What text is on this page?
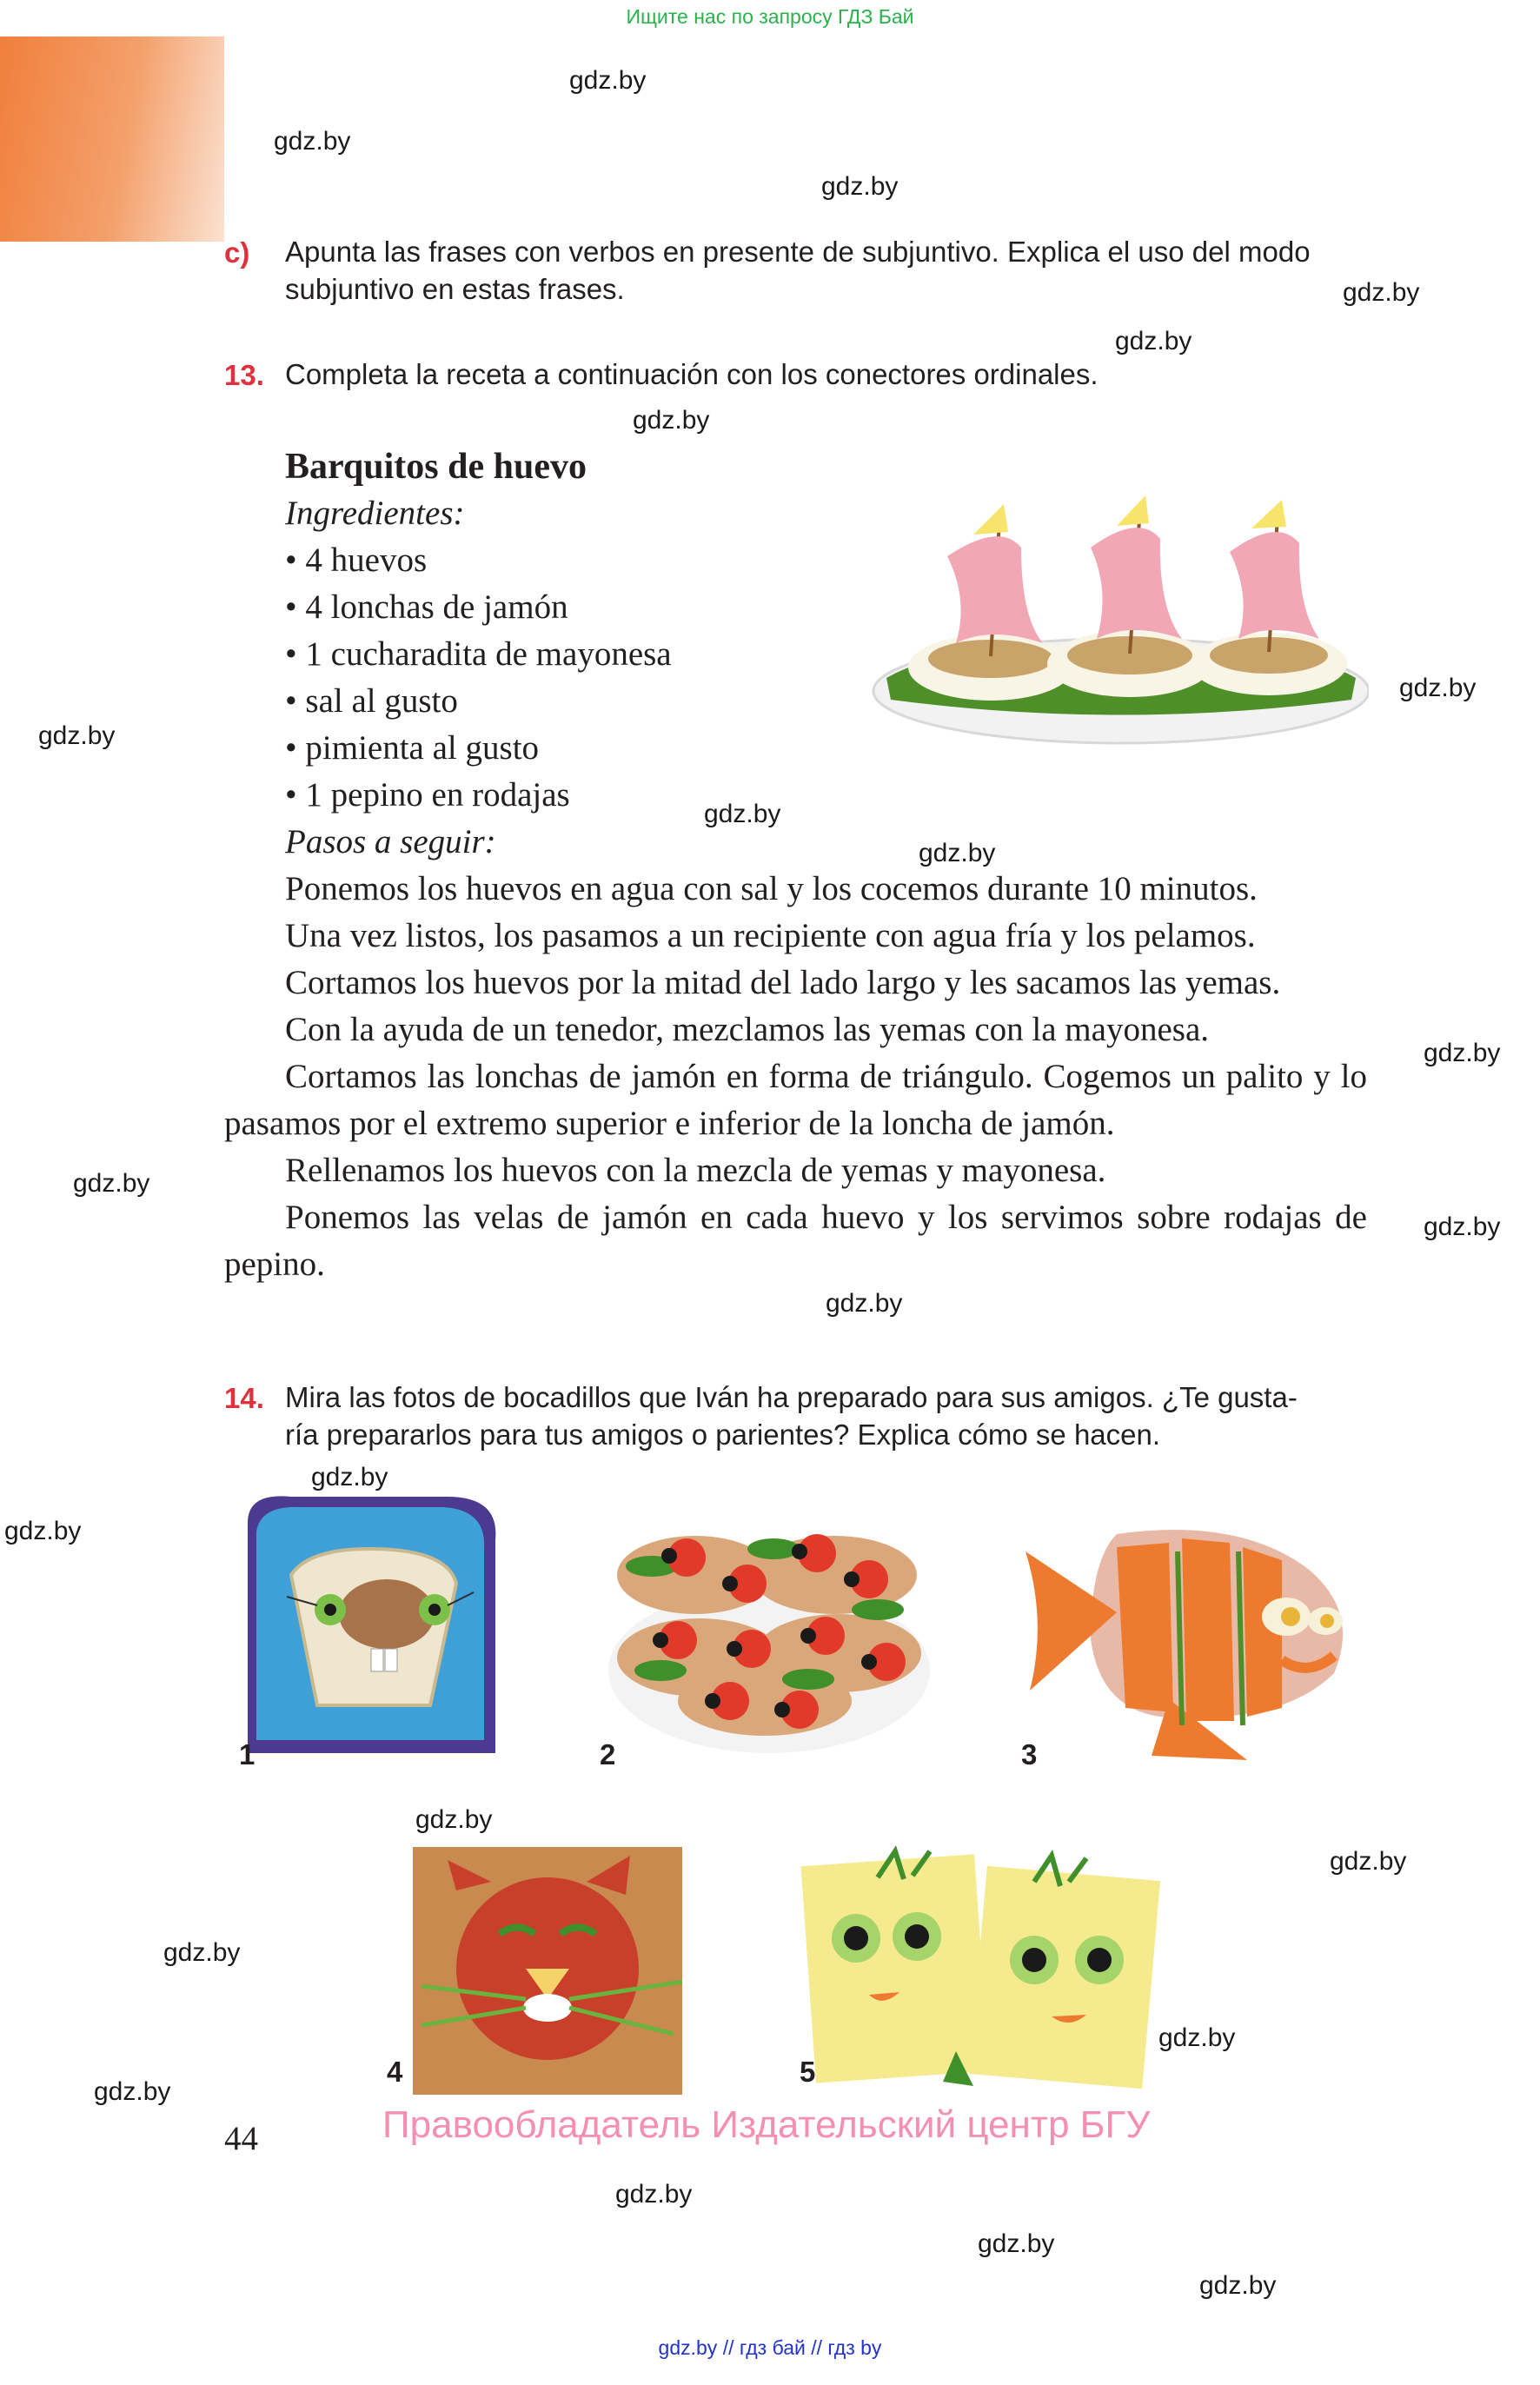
Ищите нас по запросу ГДЗ Бай
gdz.by
gdz.by
gdz.by
gdz.by
gdz.by
gdz.by
gdz.by
gdz.by
gdz.by
gdz.by
gdz.by
gdz.by
gdz.by
gdz.by
gdz.by
gdz.by
gdz.by
gdz.by
gdz.by
gdz.by
gdz.by
gdz.by
gdz.by
gdz.by
c) Apunta las frases con verbos en presente de subjuntivo. Explica el uso del modo
subjuntivo en estas frases.
13. Completa la receta a continuación con los conectores ordinales.
Barquitos de huevo
Ingredientes:
• 4 huevos
• 4 lonchas de jamón
• 1 cucharadita de mayonesa
• sal al gusto
• pimienta al gusto
• 1 pepino en rodajas
Pasos a seguir:
Ponemos los huevos en agua con sal y los cocemos durante 10 minutos.
Una vez listos, los pasamos a un recipiente con agua fría y los pelamos.
Cortamos los huevos por la mitad del lado largo y les sacamos las yemas.
Con la ayuda de un tenedor, mezclamos las yemas con la mayonesa.
Cortamos las lonchas de jamón en forma de triángulo. Cogemos un palito y lo pasamos por el extremo superior e inferior de la loncha de jamón.
Rellenamos los huevos con la mezcla de yemas y mayonesa.
Ponemos las velas de jamón en cada huevo y los servimos sobre rodajas de pepino.
14. Mira las fotos de bocadillos que Iván ha preparado para sus amigos. ¿Te gusta-
ría prepararlos para tus amigos o parientes? Explica cómo se hacen.
1	2	3
4	5
44	Правообладатель Издательский центр БГУ
gdz.by // гдз бай // гдз by
